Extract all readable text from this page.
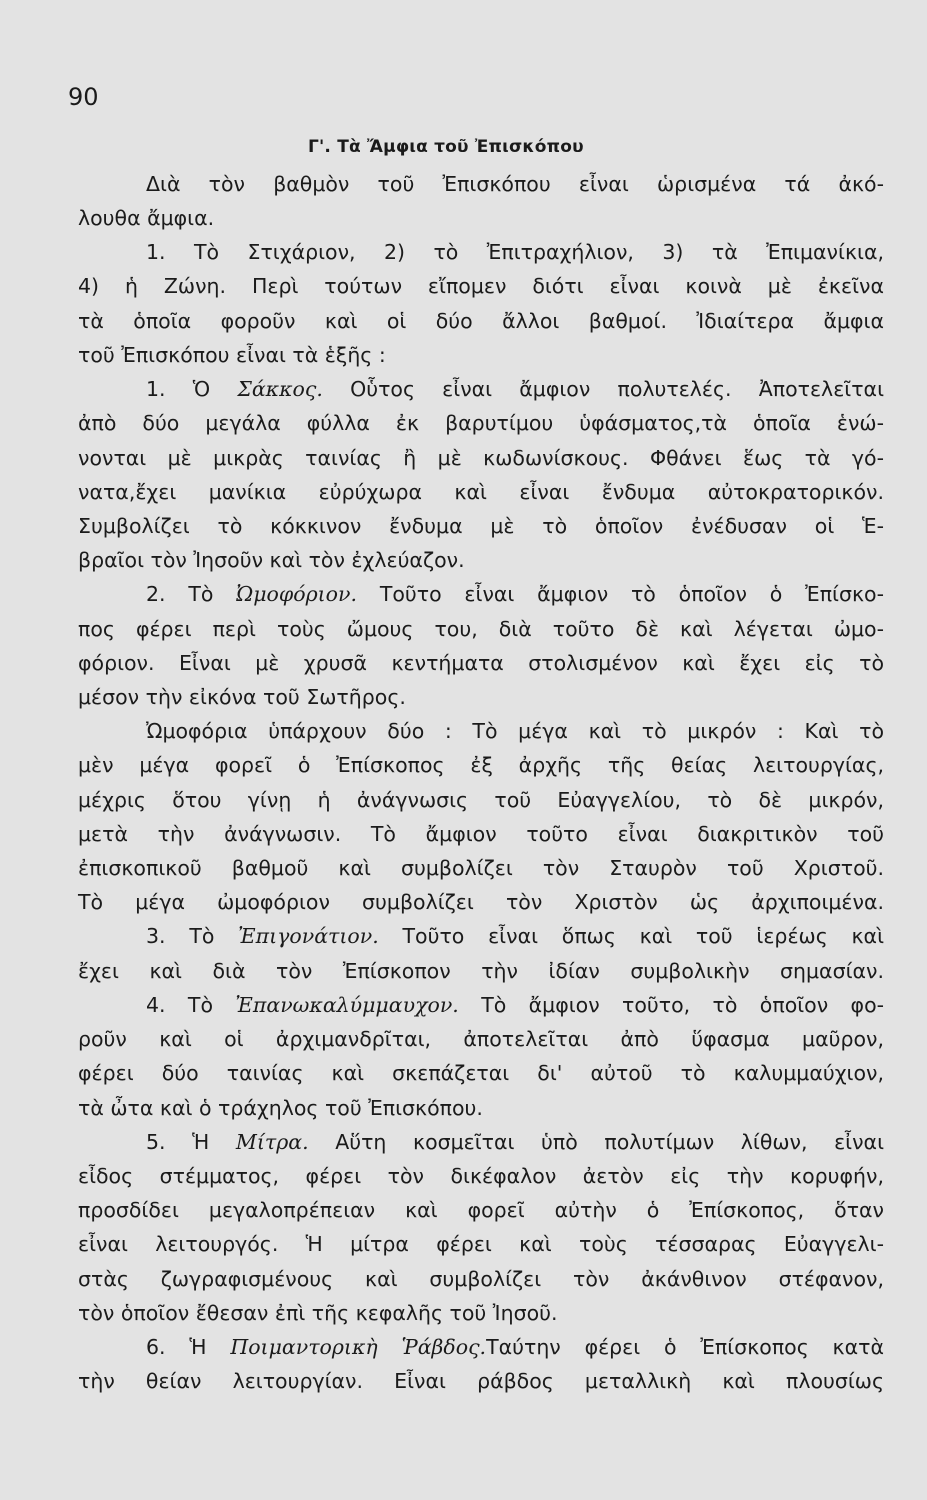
90
Γ'. Τὰ Ἄμφια τοῦ Ἐπισκόπου
Διὰ τὸν βαθμὸν τοῦ Ἐπισκόπου εἶναι ὡρισμένα τά ἀκό-
λουθα ἄμφια.
1. Τὸ Στιχάριον, 2) τὸ Ἐπιτραχήλιον, 3) τὰ Ἐπιμανίκια,
4) ἡ Ζώνη. Περὶ τούτων εἴπομεν διότι εἶναι κοινὰ μὲ ἐκεῖνα
τὰ ὁποῖα φοροῦν καὶ οἱ δύο ἄλλοι βαθμοί. Ἰδιαίτερα ἄμφια
τοῦ Ἐπισκόπου εἶναι τὰ ἑξῆς :
1. Ὁ Σάκκος. Οὗτος εἶναι ἄμφιον πολυτελές. Ἀποτελεῖται
ἀπὸ δύο μεγάλα φύλλα ἐκ βαρυτίμου ὑφάσματος,τὰ ὁποῖα ἑνώ-
νονται μὲ μικρὰς ταινίας ἢ μὲ κωδωνίσκους. Φθάνει ἕως τὰ γό-
νατα,ἔχει μανίκια εὐρύχωρα καὶ εἶναι ἔνδυμα αὐτοκρατορικόν.
Συμβολίζει τὸ κόκκινον ἔνδυμα μὲ τὸ ὁποῖον ἐνέδυσαν οἱ Ἑ-
βραῖοι τὸν Ἰησοῦν καὶ τὸν ἐχλεύαζον.
2. Τὸ Ὠμοφόριον. Τοῦτο εἶναι ἄμφιον τὸ ὁποῖον ὁ Ἐπίσκο-
πος φέρει περὶ τοὺς ὤμους του, διὰ τοῦτο δὲ καὶ λέγεται ὠμο-
φόριον. Εἶναι μὲ χρυσᾶ κεντήματα στολισμένον καὶ ἔχει εἰς τὸ
μέσον τὴν εἰκόνα τοῦ Σωτῆρος.
Ὠμοφόρια ὑπάρχουν δύο : Τὸ μέγα καὶ τὸ μικρόν : Καὶ τὸ
μὲν μέγα φορεῖ ὁ Ἐπίσκοπος ἐξ ἀρχῆς τῆς θείας λειτουργίας,
μέχρις ὅτου γίνῃ ἡ ἀνάγνωσις τοῦ Εὐαγγελίου, τὸ δὲ μικρόν,
μετὰ τὴν ἀνάγνωσιν. Τὸ ἄμφιον τοῦτο εἶναι διακριτικὸν τοῦ
ἐπισκοπικοῦ βαθμοῦ καὶ συμβολίζει τὸν Σταυρὸν τοῦ Χριστοῦ.
Τὸ μέγα ὠμοφόριον συμβολίζει τὸν Χριστὸν ὡς ἀρχιποιμένα.
3. Τὸ Ἐπιγονάτιον. Τοῦτο εἶναι ὅπως καὶ τοῦ ἱερέως καὶ
ἔχει καὶ διὰ τὸν Ἐπίσκοπον τὴν ἰδίαν συμβολικὴν σημασίαν.
4. Τὸ Ἐπανωκαλύμμαυχον. Τὸ ἄμφιον τοῦτο, τὸ ὁποῖον φο-
ροῦν καὶ οἱ ἀρχιμανδρῖται, ἀποτελεῖται ἀπὸ ὕφασμα μαῦρον,
φέρει δύο ταινίας καὶ σκεπάζεται δι' αὐτοῦ τὸ καλυμμαύχιον,
τὰ ὦτα καὶ ὁ τράχηλος τοῦ Ἐπισκόπου.
5. Ἡ Μίτρα. Αὕτη κοσμεῖται ὑπὸ πολυτίμων λίθων, εἶναι
εἶδος στέμματος, φέρει τὸν δικέφαλον ἀετὸν εἰς τὴν κορυφήν,
προσδίδει μεγαλοπρέπειαν καὶ φορεῖ αὐτὴν ὁ Ἐπίσκοπος, ὅταν
εἶναι λειτουργός. Ἡ μίτρα φέρει καὶ τοὺς τέσσαρας Εὐαγγελι-
στὰς ζωγραφισμένους καὶ συμβολίζει τὸν ἀκάνθινον στέφανον,
τὸν ὁποῖον ἔθεσαν ἐπὶ τῆς κεφαλῆς τοῦ Ἰησοῦ.
6. Ἡ Ποιμαντορικὴ Ῥάβδος.Ταύτην φέρει ὁ Ἐπίσκοπος κατὰ
τὴν θείαν λειτουργίαν. Εἶναι ράβδος μεταλλικὴ καὶ πλουσίως
